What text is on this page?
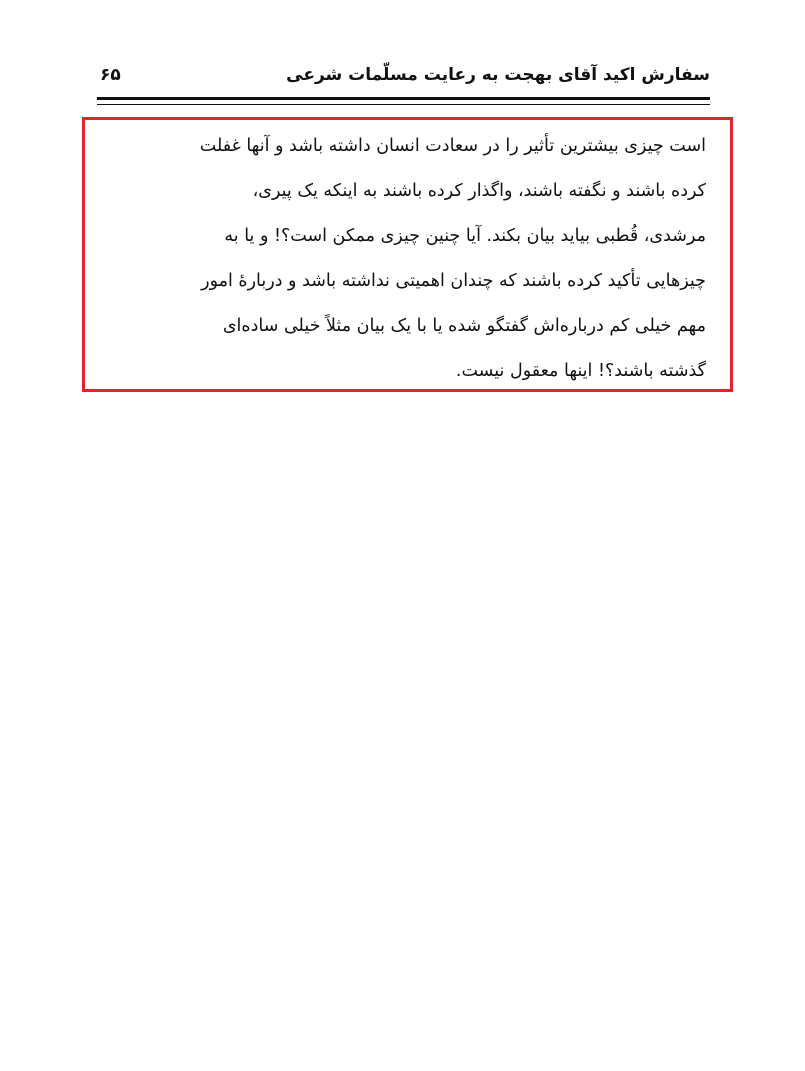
سفارش اکید آقای بهجت به رعایت مسلّمات شرعی
۶۵
است چیزی بیشترین تأثیر را در سعادت انسان داشته باشد و آنها غفلت
کرده باشند و نگفته باشند، واگذار کرده باشند به اینکه یک پیری،
مرشدی، قُطبی بیاید بیان بکند. آیا چنین چیزی ممکن است؟! و یا به
چیزهایی تأکید کرده باشند که چندان اهمیتی نداشته باشد و دربارهٔ امور
مهم خیلی کم درباره‌اش گفتگو شده یا با یک بیان مثلاً خیلی ساده‌ای
گذشته باشند؟! اینها معقول نیست.
